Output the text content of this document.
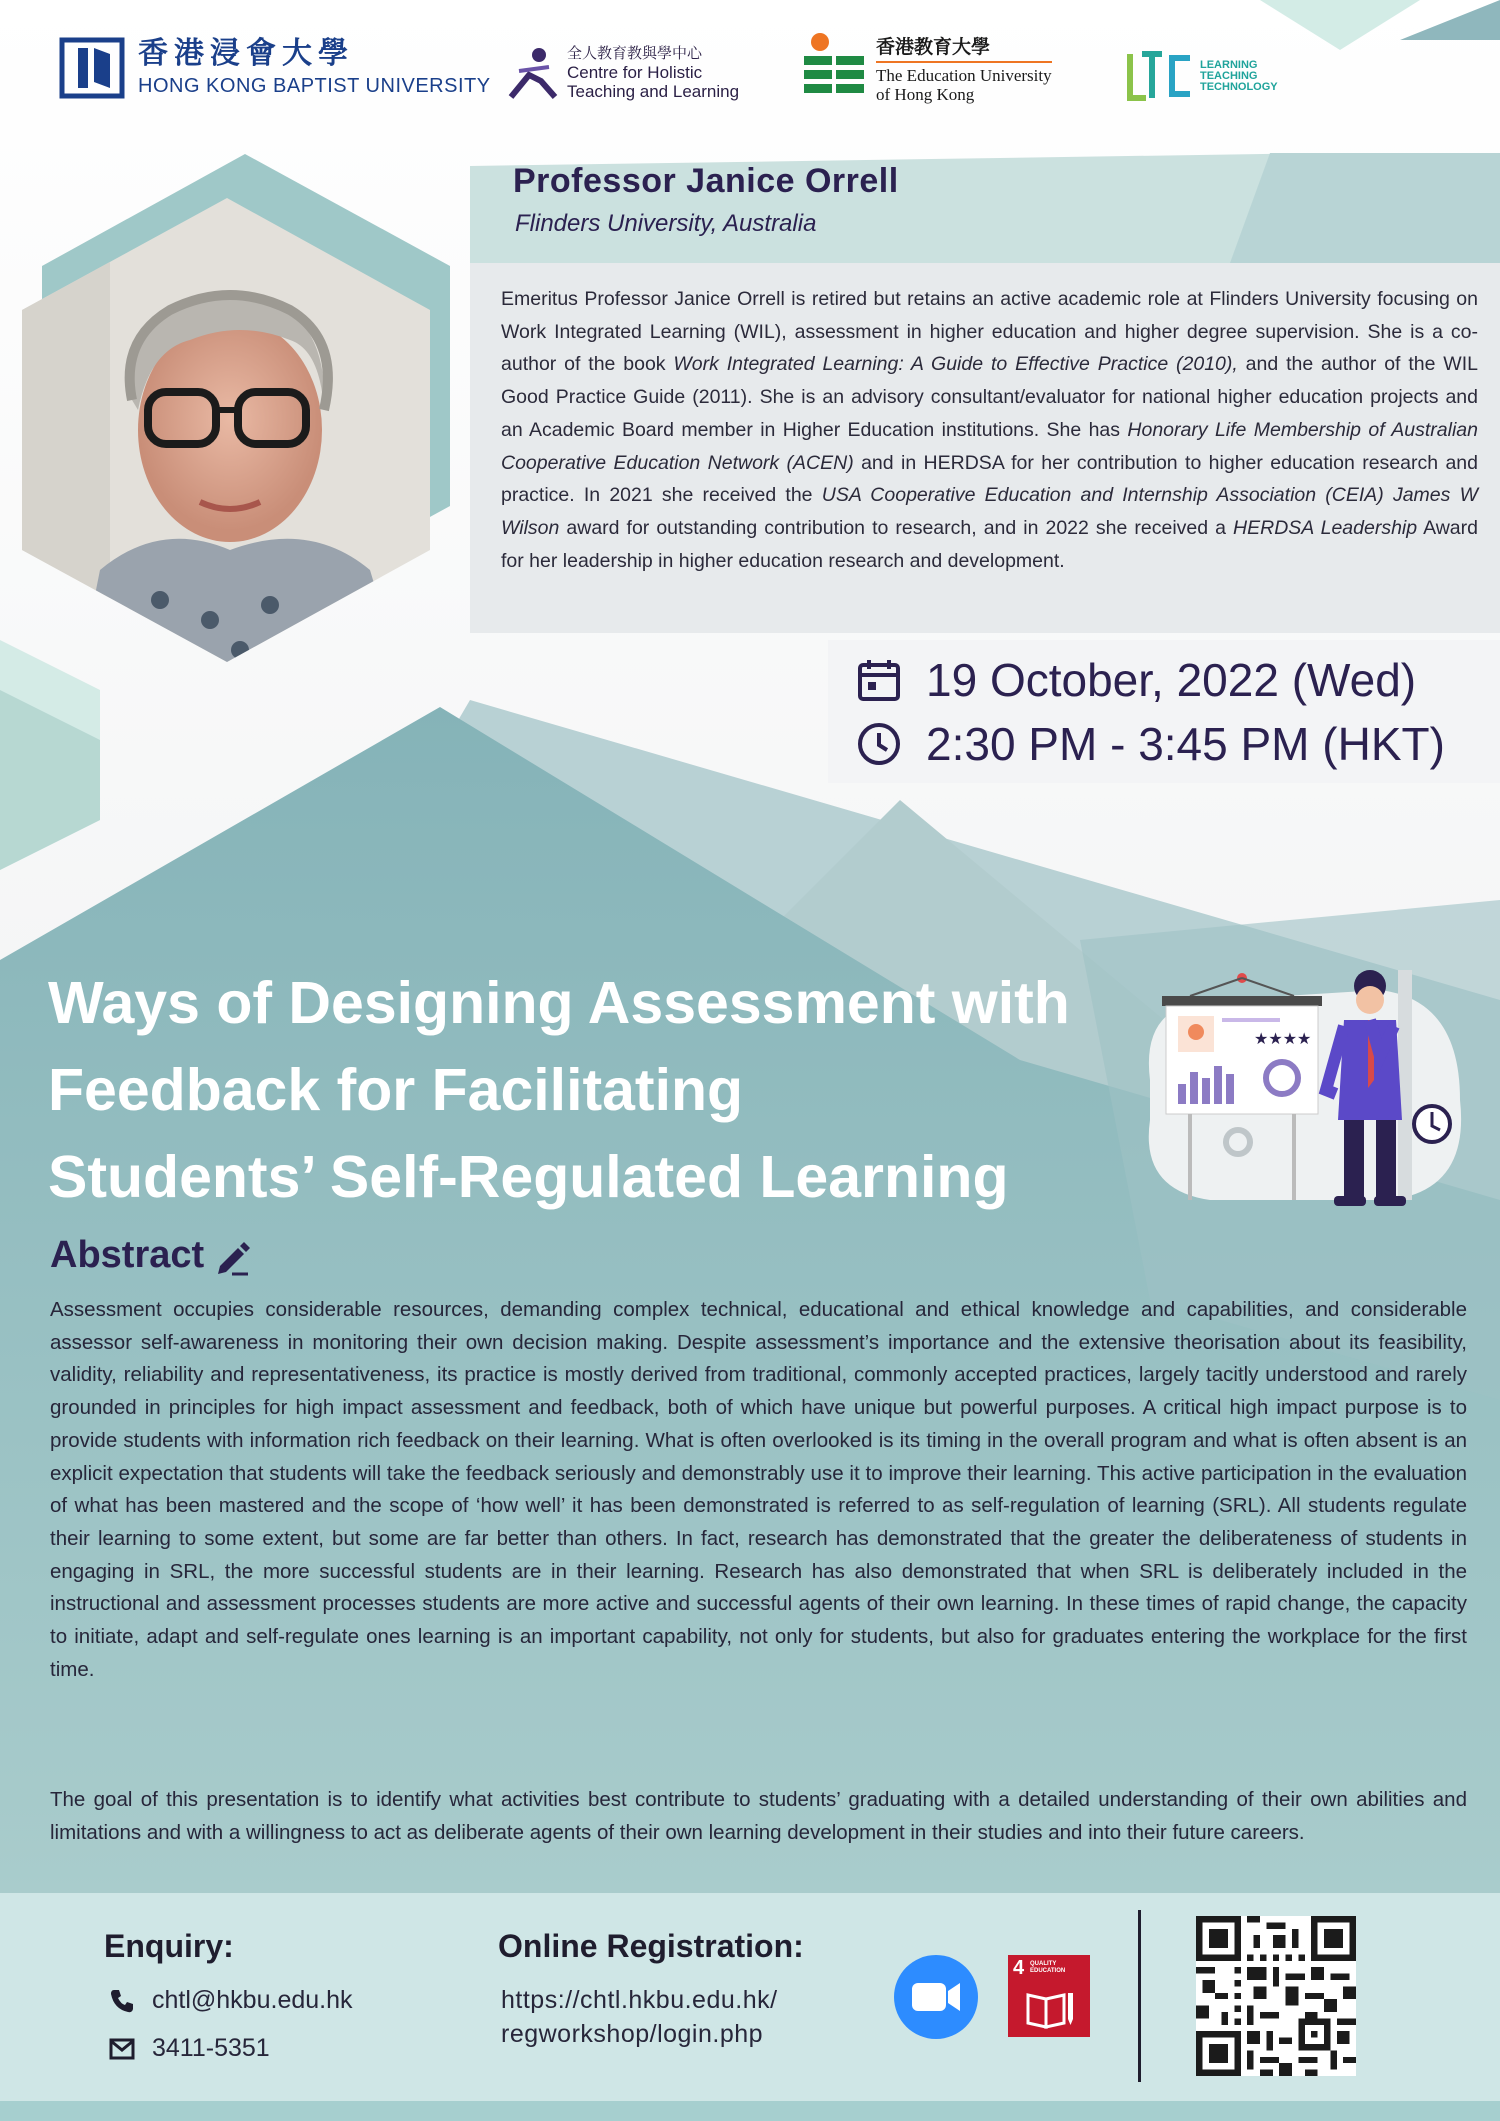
香港浸會大學
HONG KONG BAPTIST UNIVERSITY
全人教育教與學中心
Centre for Holistic
Teaching and Learning
香港教育大學
The Education University
of Hong Kong
LEARNING
TEACHING
TECHNOLOGY
Professor Janice Orrell
Flinders University, Australia
Emeritus Professor Janice Orrell is retired but retains an active academic role at Flinders University focusing on Work Integrated Learning (WIL), assessment in higher education and higher degree supervision. She is a co-author of the book Work Integrated Learning: A Guide to Effective Practice (2010), and the author of the WIL Good Practice Guide (2011). She is an advisory consultant/evaluator for national higher education projects and an Academic Board member in Higher Education institutions. She has Honorary Life Membership of Australian Cooperative Education Network (ACEN) and in HERDSA for her contribution to higher education research and practice. In 2021 she received the USA Cooperative Education and Internship Association (CEIA) James W Wilson award for outstanding contribution to research, and in 2022 she received a HERDSA Leadership Award for her leadership in higher education research and development.
19 October, 2022 (Wed)
2:30 PM - 3:45 PM (HKT)
Ways of Designing Assessment with
Feedback for Facilitating
Students’ Self-Regulated Learning
★★★★
Abstract
Assessment occupies considerable resources, demanding complex technical, educational and ethical knowledge and capabilities, and considerable assessor self-awareness in monitoring their own decision making. Despite assessment’s importance and the extensive theorisation about its feasibility, validity, reliability and representativeness, its practice is mostly derived from traditional, commonly accepted practices, largely tacitly understood and rarely grounded in principles for high impact assessment and feedback, both of which have unique but powerful purposes. A critical high impact purpose is to provide students with information rich feedback on their learning. What is often overlooked is its timing in the overall program and what is often absent is an explicit expectation that students will take the feedback seriously and demonstrably use it to improve their learning. This active participation in the evaluation of what has been mastered and the scope of ‘how well’ it has been demonstrated is referred to as self-regulation of learning (SRL). All students regulate their learning to some extent, but some are far better than others. In fact, research has demonstrated that the greater the deliberateness of students in engaging in SRL, the more successful students are in their learning. Research has also demonstrated that when SRL is deliberately included in the instructional and assessment processes students are more active and successful agents of their own learning. In these times of rapid change, the capacity to initiate, adapt and self-regulate ones learning is an important capability, not only for students, but also for graduates entering the workplace for the first time.
The goal of this presentation is to identify what activities best contribute to students’ graduating with a detailed understanding of their own abilities and limitations and with a willingness to act as deliberate agents of their own learning development in their studies and into their future careers.
Enquiry:
chtl@hkbu.edu.hk
3411-5351
Online Registration:
https://chtl.hkbu.edu.hk/
regworkshop/login.php
4 QUALITY
EDUCATION
